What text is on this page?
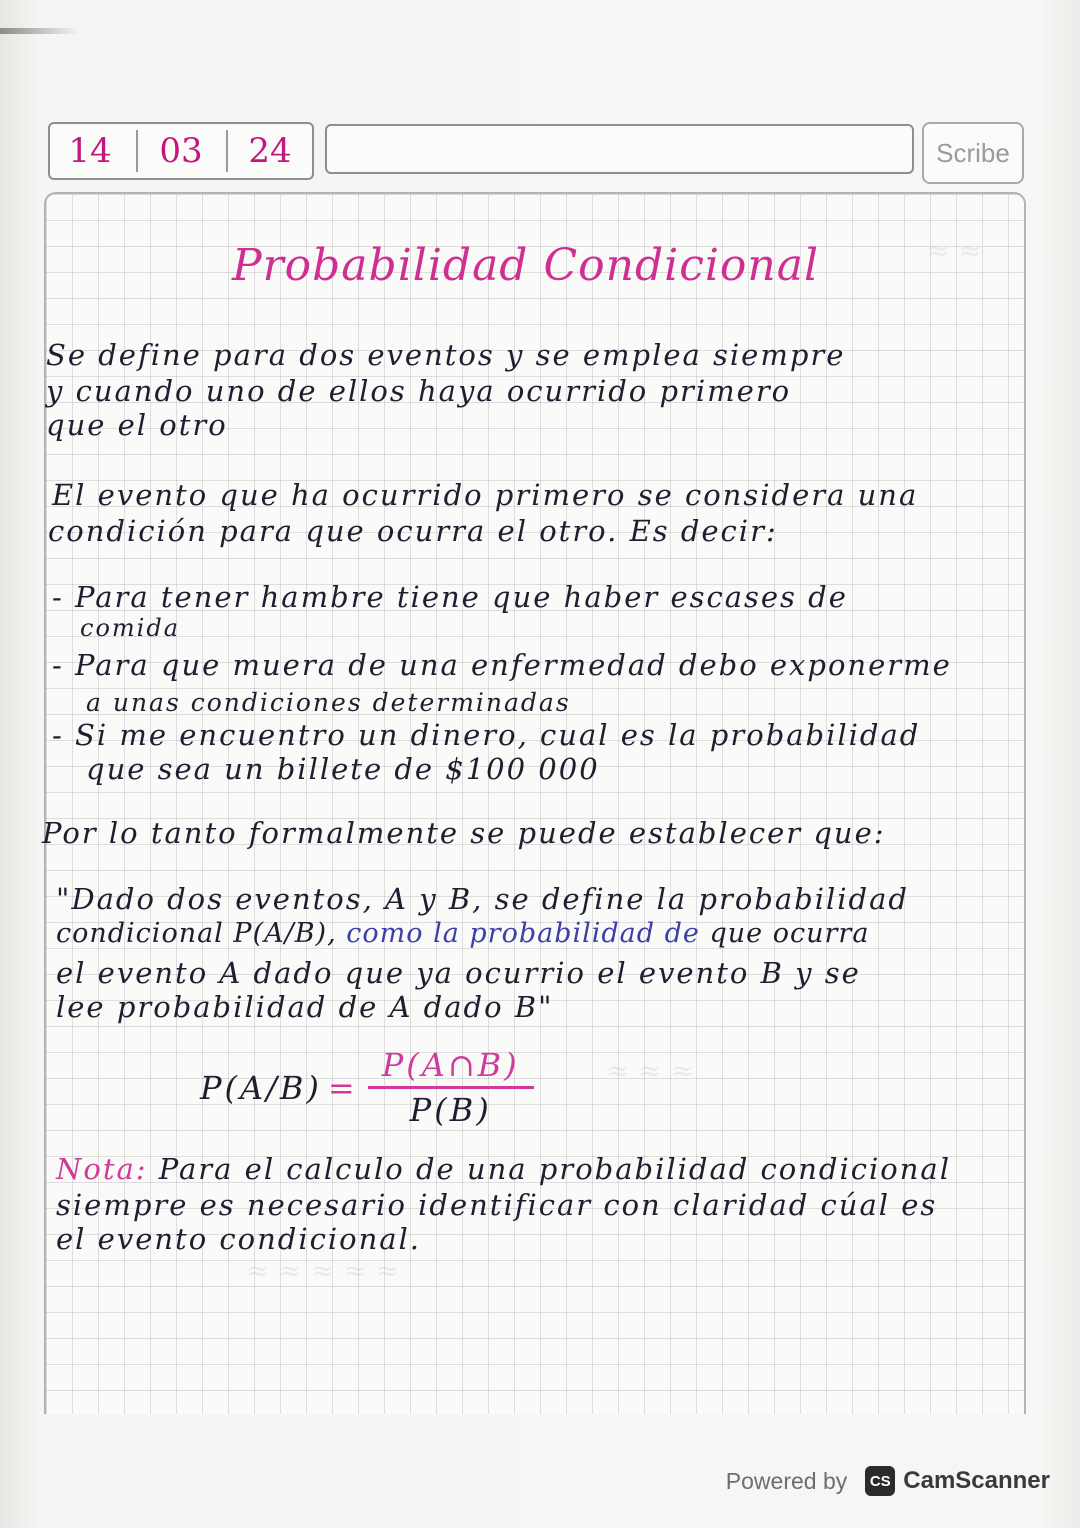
14	03	24	Scribe
≈ ≈
≈ ≈ ≈
≈ ≈ ≈ ≈ ≈
Probabilidad Condicional
Se define para dos eventos y se emplea siempre
y cuando uno de ellos haya ocurrido primero
que el otro
El evento que ha ocurrido primero se considera una
condición para que ocurra el otro. Es decir:
- Para tener hambre tiene que haber escases de
comida
- Para que muera de una enfermedad debo exponerme
a unas condiciones determinadas
- Si me encuentro un dinero, cual es la probabilidad
que sea un billete de $100 000
Por lo tanto formalmente se puede establecer que:
"Dado dos eventos, A y B, se define la probabilidad
condicional P(A/B), como la probabilidad de que ocurra
el evento A dado que ya ocurrio el evento B y se
lee probabilidad de A dado B"
$P(A/B) = \frac{P(A\cap B)}{P(B)}$
Nota: Para el calculo de una probabilidad condicional
siempre es necesario identificar con claridad cúal es
el evento condicional.
Powered by	CS CamScanner
